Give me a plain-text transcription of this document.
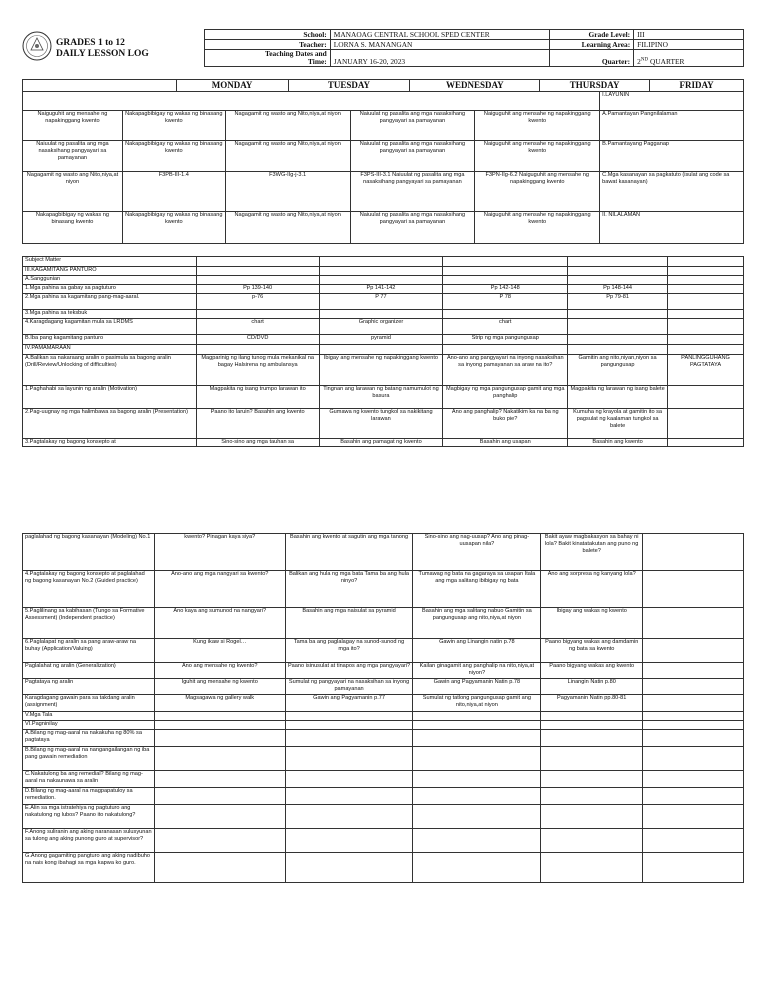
GRADES 1 to 12
DAILY LESSON LOG
School:	MANAOAG CENTRAL SCHOOL SPED CENTER	Grade Level:	III
Teacher:	LORNA S. MANANGAN	Learning Area:	FILIPINO
Teaching Dates and
Time:	JANUARY 16-20, 2023	Quarter:	2ND QUARTER
	MONDAY	TUESDAY	WEDNESDAY	THURSDAY	FRIDAY
					I.LAYUNIN
Naiguguhit ang mensahe ng napakinggang kwento	Nakapagbibigay ng wakas ng binasang kwento	Nagagamit ng wasto ang Nito,niya,at niyon	Naiuulat ng pasalita ang mga nasaksihang pangyayari sa pamayanan	Naiguguhit ang mensahe ng napakinggang kwento	A.Pamantayan Pangnilalaman
Naiuulat ng pasalita ang mga nasaksihang pangyayari sa pamayanan	Nakapagbibigay ng wakas ng binasang kwento	Nagagamit ng wasto ang Nito,niya,at niyon	Naiuulat ng pasalita ang mga nasaksihang pangyayari sa pamayanan	Naiguguhit ang mensahe ng napakinggang kwento	B.Pamantayang Pagganap
Nagagamit ng wasto ang Nito,niya,at niyon	F3PB-III-1.4	F3WG-IIg-j-3.1	F3PS-III-3.1 Naiuulat ng pasalita ang mga nasaksihang pangyayari sa pamayanan	F3PN-IIg-6.2 Naiguguhit ang mensahe ng napakinggang kwento	C.Mga kasanayan sa pagkatuto (isulat ang code sa bawat kasanayan)
Nakapagbibigay ng wakas ng binasang kwento	Nakapagbibigay ng wakas ng binasang kwento	Nagagamit ng wasto ang Nito,niya,at niyon	Naiuulat ng pasalita ang mga nasaksihang pangyayari sa pamayanan	Naiguguhit ang mensahe ng napakinggang kwento	II. NILALAMAN
Subject Matter					
III.KAGAMITANG PANTURO					
A.Sanggunian					
1.Mga pahina sa gabay sa pagtuturo	Pp 139-140	Pp 141-142	Pp 142-148	Pp 148-144	
2.Mga pahina sa kagamitang pang-mag-aaral.	p-76	P 77	P 78	Pp 79-81	
3.Mga pahina sa teksbuk					
4.Karagdagang kagamitan mula sa LRDMS	chart	Graphic organizer	chart		
B.Iba pang kagamitang panturo	CD/DVD	pyramid	Strip ng mga pangungusap		
IV.PAMAMARAAN					
A.Balikan sa nakaraang aralin o pasimula sa bagong aralin (Drill/Review/Unlocking of difficulties)	Magparinig ng ilang tunog mula mekanikal na bagay Halsirena ng ambulansya	Ibigay ang mensahe ng napakinggang kwento	Ano-ano ang pangyayari na inyong nasaksihan sa inyong pamayanan sa araw na ito?	Gamitin ang nito,niyan,niyon sa pangungusap	PANLINGGUHANG PAGTATAYA
1.Paghahabi sa layunin ng aralin (Motivation)	Magpakita ng isang trumpo larawan ito	Tingnan ang larawan ng batang namumulot ng basura	Magbigay ng mga pangungusap gamit ang mga panghalip	Magpakita ng larawan ng isang balete	
2.Pag-uugnay ng mga halimbawa sa bagong aralin (Presentation)	Paano ito laruin? Basahin ang kwento	Gumawa ng kwento tungkol sa nakikitang larawan	Ano ang panghalip? Nakatikim ka na ba ng buko pie?	Kumuha ng krayola at gamitin ito sa pagsulat ng kaalaman tungkol sa balete	
3.Pagtalakay ng bagong konsepto at	Sino-sino ang mga tauhan sa	Basahin ang pamagat ng kwento	Basahin ang usapan	Basahin ang kwento	
paglalahad ng bagong kasanayan (Modeling) No.1	kwento? Pinagan kaya siya?	Basahin ang kwento at sagutin ang mga tanong	Sino-sino ang nag-uusap? Ano ang pinag-uusapan nila?	Bakit ayaw magbakasyon sa bahay ni lola? Bakit kinatatakutan ang puno ng balete?	
4.Pagtalakay ng bagong konsepto at paglalahad ng bagong kasanayan No.2 (Guided practice)	Ano-ano ang mga nangyari sa kwento?	Balikan ang hula ng mga bata Tama ba ang hula ninyo?	Tumawag ng bata na gagaraya sa usapan Itala ang mga salitang ibibigay ng bata	Ano ang sorpresa ng kanyang lola?	
5.Paglilinang sa kabihasan (Tungo sa Formative Assessment) (Independent practice)	Ano kaya ang sumunod na nangyari?	Basahin ang mga naisulat sa pyramid	Basahin ang mga salitang nabuo Gamitin sa pangungusap ang nito,niya,at niyon	Ibigay ang wakas ng kwento	
6.Paglalapat ng aralin sa pang araw-araw na buhay (Application/Valuing)	Kung ikaw si Rogel…	Tama ba ang paglalagay na sunod-sunod ng mga ito?	Gawin ang Linangin natin p.78	Paano bigyang wakas ang damdamin ng bata sa kwento	
Paglalahat ng aralin (Generalization)	Ano ang mensahe ng kwento?	Paano isinusulat at tinapos ang mga pangyayari?	Kailan ginagamit ang panghalip na nito,niya,at niyon?	Paano bigyang wakas ang kwento	
Pagtataya ng aralin	Iguhit ang mensahe ng kwento	Sumulat ng pangyayari na nasaksihan sa inyong pamayanan	Gawin ang Pagyamanin Natin p.78	Linangin Natin p.80	
Karagdagang gawain para sa takdang aralin (assignment)	Magsagawa ng gallery walk	Gawin ang Pagyamanin p.77	Sumulat ng tatlong pangungusap gamit ang nito,niya,at niyon	Pagyamanin Natin pp.80-81	
V.Mga Tala					
VI.Pagninilay					
A.Bilang ng mag-aaral na nakakuha ng 80% sa pagtataya					
B.Bilang ng mag-aaral na nangangailangan ng iba pang gawain remediation					
C.Nakatulong ba ang remedial? Bilang ng mag-aaral na nakaunawa sa aralin					
D.Bilang ng mag-aaral na magpapatuloy sa remediation.					
E.Alin sa mga istratehiya ng pagtuturo ang nakatulong ng lubos? Paano ito nakatulong?					
F.Anong suliranin ang aking naranasan sulusyunan sa tulong ang aking punong guro at supervisor?					
G.Anong gagamiting pangturo ang aking nadibuho na nais kong ibahagi sa mga kapwa ko guro.					
